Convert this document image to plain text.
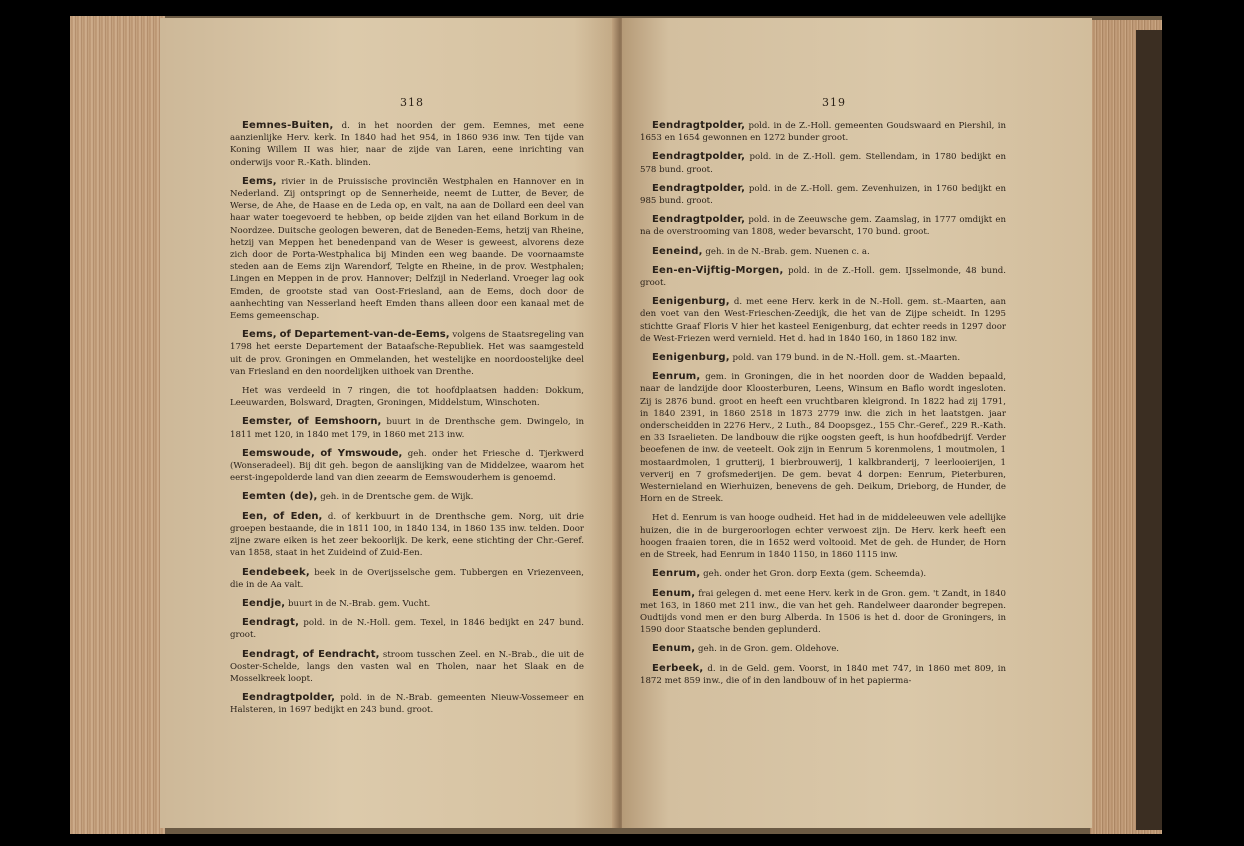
318

Eemnes-Buiten, d. in het noorden der gem. Eemnes, met eene aanzienlijke Herv. kerk. In 1840 had het 954, in 1860 936 inw. Ten tijde van Koning Willem II was hier, naar de zijde van Laren, eene inrichting van onderwijs voor R.-Kath. blinden.

Eems, rivier in de Pruissische provinciën Westphalen en Hannover en in Nederland. Zij ontspringt op de Sennerheide, neemt de Lutter, de Bever, de Werse, de Ahe, de Haase en de Leda op, en valt, na aan de Dollard een deel van haar water toegevoerd te hebben, op beide zijden van het eiland Borkum in de Noordzee. Duitsche geologen beweren, dat de Beneden-Eems, hetzij van Rheine, hetzij van Meppen het benedenpand van de Weser is geweest, alvorens deze zich door de Porta-Westphalica bij Minden een weg baande. De voornaamste steden aan de Eems zijn Warendorf, Telgte en Rheine, in de prov. Westphalen; Lingen en Meppen in de prov. Hannover; Delfzijl in Nederland. Vroeger lag ook Emden, de grootste stad van Oost-Friesland, aan de Eems, doch door de aanhechting van Nesserland heeft Emden thans alleen door een kanaal met de Eems gemeenschap.

Eems, of Departement-van-de-Eems, volgens de Staatsregeling van 1798 het eerste Departement der Bataafsche-Republiek. Het was saamgesteld uit de prov. Groningen en Ommelanden, het westelijke en noordoostelijke deel van Friesland en den noordelijken uithoek van Drenthe.

Het was verdeeld in 7 ringen, die tot hoofdplaatsen hadden: Dokkum, Leeuwarden, Bolsward, Dragten, Groningen, Middelstum, Winschoten.

Eemster, of Eemshoorn, buurt in de Drenthsche gem. Dwingelo, in 1811 met 120, in 1840 met 179, in 1860 met 213 inw.

Eemswoude, of Ymswoude, geh. onder het Friesche d. Tjerkwerd (Wonseradeel). Bij dit geh. begon de aanslijking van de Middelzee, waarom het eerst-ingepolderde land van dien zeearm de Eemswouderhem is genoemd.

Eemten (de), geh. in de Drentsche gem. de Wijk.

Een, of Eden, d. of kerkbuurt in de Drenthsche gem. Norg, uit drie groepen bestaande, die in 1811 100, in 1840 134, in 1860 135 inw. telden. Door zijne zware eiken is het zeer bekoorlijk. De kerk, eene stichting der Chr.-Geref. van 1858, staat in het Zuideind of Zuid-Een.

Eendebeek, beek in de Overijsselsche gem. Tubbergen en Vriezenveen, die in de Aa valt.

Eendje, buurt in de N.-Brab. gem. Vucht.

Eendragt, pold. in de N.-Holl. gem. Texel, in 1846 bedijkt en 247 bund. groot.

Eendragt, of Eendracht, stroom tusschen Zeel. en N.-Brab., die uit de Ooster-Schelde, langs den vasten wal en Tholen, naar het Slaak en de Mosselkreek loopt.

Eendragtpolder, pold. in de N.-Brab. gemeenten Nieuw-Vossemeer en Halsteren, in 1697 bedijkt en 243 bund. groot.

319

Eendragtpolder, pold. in de Z.-Holl. gemeenten Goudswaard en Piershil, in 1653 en 1654 gewonnen en 1272 bunder groot.

Eendragtpolder, pold. in de Z.-Holl. gem. Stellendam, in 1780 bedijkt en 578 bund. groot.

Eendragtpolder, pold. in de Z.-Holl. gem. Zevenhuizen, in 1760 bedijkt en 985 bund. groot.

Eendragtpolder, pold. in de Zeeuwsche gem. Zaamslag, in 1777 omdijkt en na de overstrooming van 1808, weder bevarscht, 170 bund. groot.

Eeneind, geh. in de N.-Brab. gem. Nuenen c. a.

Een-en-Vijftig-Morgen, pold. in de Z.-Holl. gem. IJsselmonde, 48 bund. groot.

Eenigenburg, d. met eene Herv. kerk in de N.-Holl. gem. st.-Maarten, aan den voet van den West-Frieschen-Zeedijk, die het van de Zijpe scheidt. In 1295 stichtte Graaf Floris V hier het kasteel Eenigenburg, dat echter reeds in 1297 door de West-Friezen werd vernield. Het d. had in 1840 160, in 1860 182 inw.

Eenigenburg, pold. van 179 bund. in de N.-Holl. gem. st.-Maarten.

Eenrum, gem. in Groningen, die in het noorden door de Wadden bepaald, naar de landzijde door Kloosterburen, Leens, Winsum en Baflo wordt ingesloten. Zij is 2876 bund. groot en heeft een vruchtbaren kleigrond. In 1822 had zij 1791, in 1840 2391, in 1860 2518 in 1873 2779 inw. die zich in het laatstgen. jaar onderscheidden in 2276 Herv., 2 Luth., 84 Doopsgez., 155 Chr.-Geref., 229 R.-Kath. en 33 Israelieten. De landbouw die rijke oogsten geeft, is hun hoofdbedrijf. Verder beoefenen de inw. de veeteelt. Ook zijn in Eenrum 5 korenmolens, 1 moutmolen, 1 mostaardmolen, 1 grutterij, 1 bierbrouwerij, 1 kalkbranderij, 7 leerlooierijen, 1 ververij en 7 grofsmederijen. De gem. bevat 4 dorpen: Eenrum, Pieterburen, Westernieland en Wierhuizen, benevens de geh. Deikum, Drieborg, de Hunder, de Horn en de Streek.

Het d. Eenrum is van hooge oudheid. Het had in de middeleeuwen vele adellijke huizen, die in de burgeroorlogen echter verwoest zijn. De Herv. kerk heeft een hoogen fraaien toren, die in 1652 werd voltooid. Met de geh. de Hunder, de Horn en de Streek, had Eenrum in 1840 1150, in 1860 1115 inw.

Eenrum, geh. onder het Gron. dorp Eexta (gem. Scheemda).

Eenum, frai gelegen d. met eene Herv. kerk in de Gron. gem. 't Zandt, in 1840 met 163, in 1860 met 211 inw., die van het geh. Randelweer daaronder begrepen. Oudtijds vond men er den burg Alberda. In 1506 is het d. door de Groningers, in 1590 door Staatsche benden geplunderd.

Eenum, geh. in de Gron. gem. Oldehove.

Eerbeek, d. in de Geld. gem. Voorst, in 1840 met 747, in 1860 met 809, in 1872 met 859 inw., die of in den landbouw of in het papierma-
